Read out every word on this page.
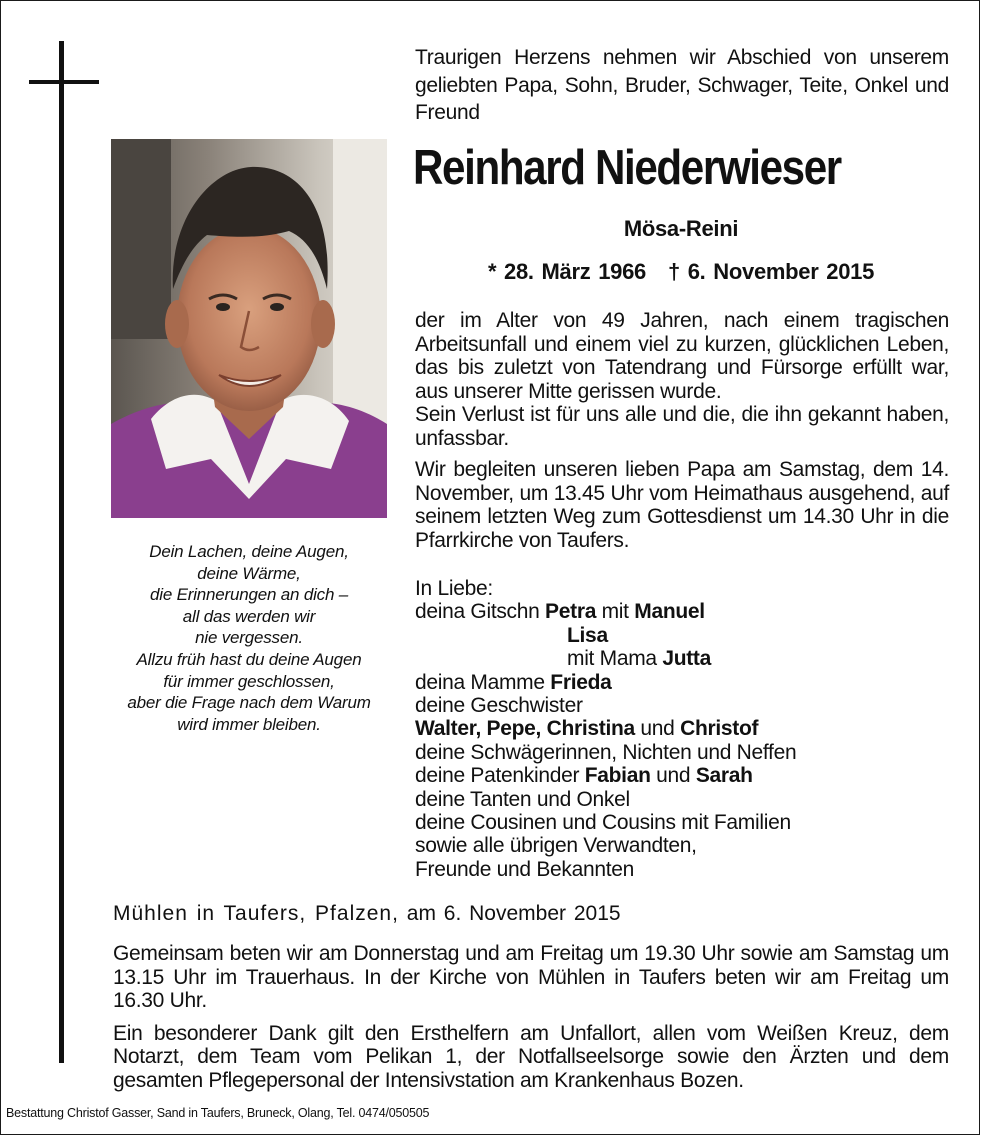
Traurigen Herzens nehmen wir Abschied von unserem geliebten Papa, Sohn, Bruder, Schwager, Teite, Onkel und Freund
Reinhard Niederwieser
Mösa-Reini
* 28. März 1966 † 6. November 2015

der im Alter von 49 Jahren, nach einem tragischen Arbeitsunfall und einem viel zu kurzen, glücklichen Leben, das bis zuletzt von Tatendrang und Fürsorge erfüllt war, aus unserer Mitte gerissen wurde.

Sein Verlust ist für uns alle und die, die ihn gekannt haben, unfassbar.

Wir begleiten unseren lieben Papa am Samstag, dem 14. November, um 13.45 Uhr vom Heimathaus ausgehend, auf seinem letzten Weg zum Gottesdienst um 14.30 Uhr in die Pfarrkirche von Taufers.

Dein Lachen, deine Augen,
deine Wärme,
die Erinnerungen an dich –
all das werden wir
nie vergessen.
Allzu früh hast du deine Augen
für immer geschlossen,
aber die Frage nach dem Warum
wird immer bleiben.
In Liebe:
deina Gitschn Petra mit Manuel
Lisa
mit Mama Jutta
deina Mamme Frieda
deine Geschwister
Walter, Pepe, Christina und Christof
deine Schwägerinnen, Nichten und Neffen
deine Patenkinder Fabian und Sarah
deine Tanten und Onkel
deine Cousinen und Cousins mit Familien
sowie alle übrigen Verwandten,
Freunde und Bekannten
Mühlen in Taufers, Pfalzen, am 6. November 2015

Gemeinsam beten wir am Donnerstag und am Freitag um 19.30 Uhr sowie am Samstag um 13.15 Uhr im Trauerhaus. In der Kirche von Mühlen in Taufers beten wir am Freitag um 16.30 Uhr.

Ein besonderer Dank gilt den Ersthelfern am Unfallort, allen vom Weißen Kreuz, dem Notarzt, dem Team vom Pelikan 1, der Notfallseelsorge sowie den Ärzten und dem gesamten Pflegepersonal der Intensivstation am Krankenhaus Bozen.

Bestattung Christof Gasser, Sand in Taufers, Bruneck, Olang, Tel. 0474/050505
